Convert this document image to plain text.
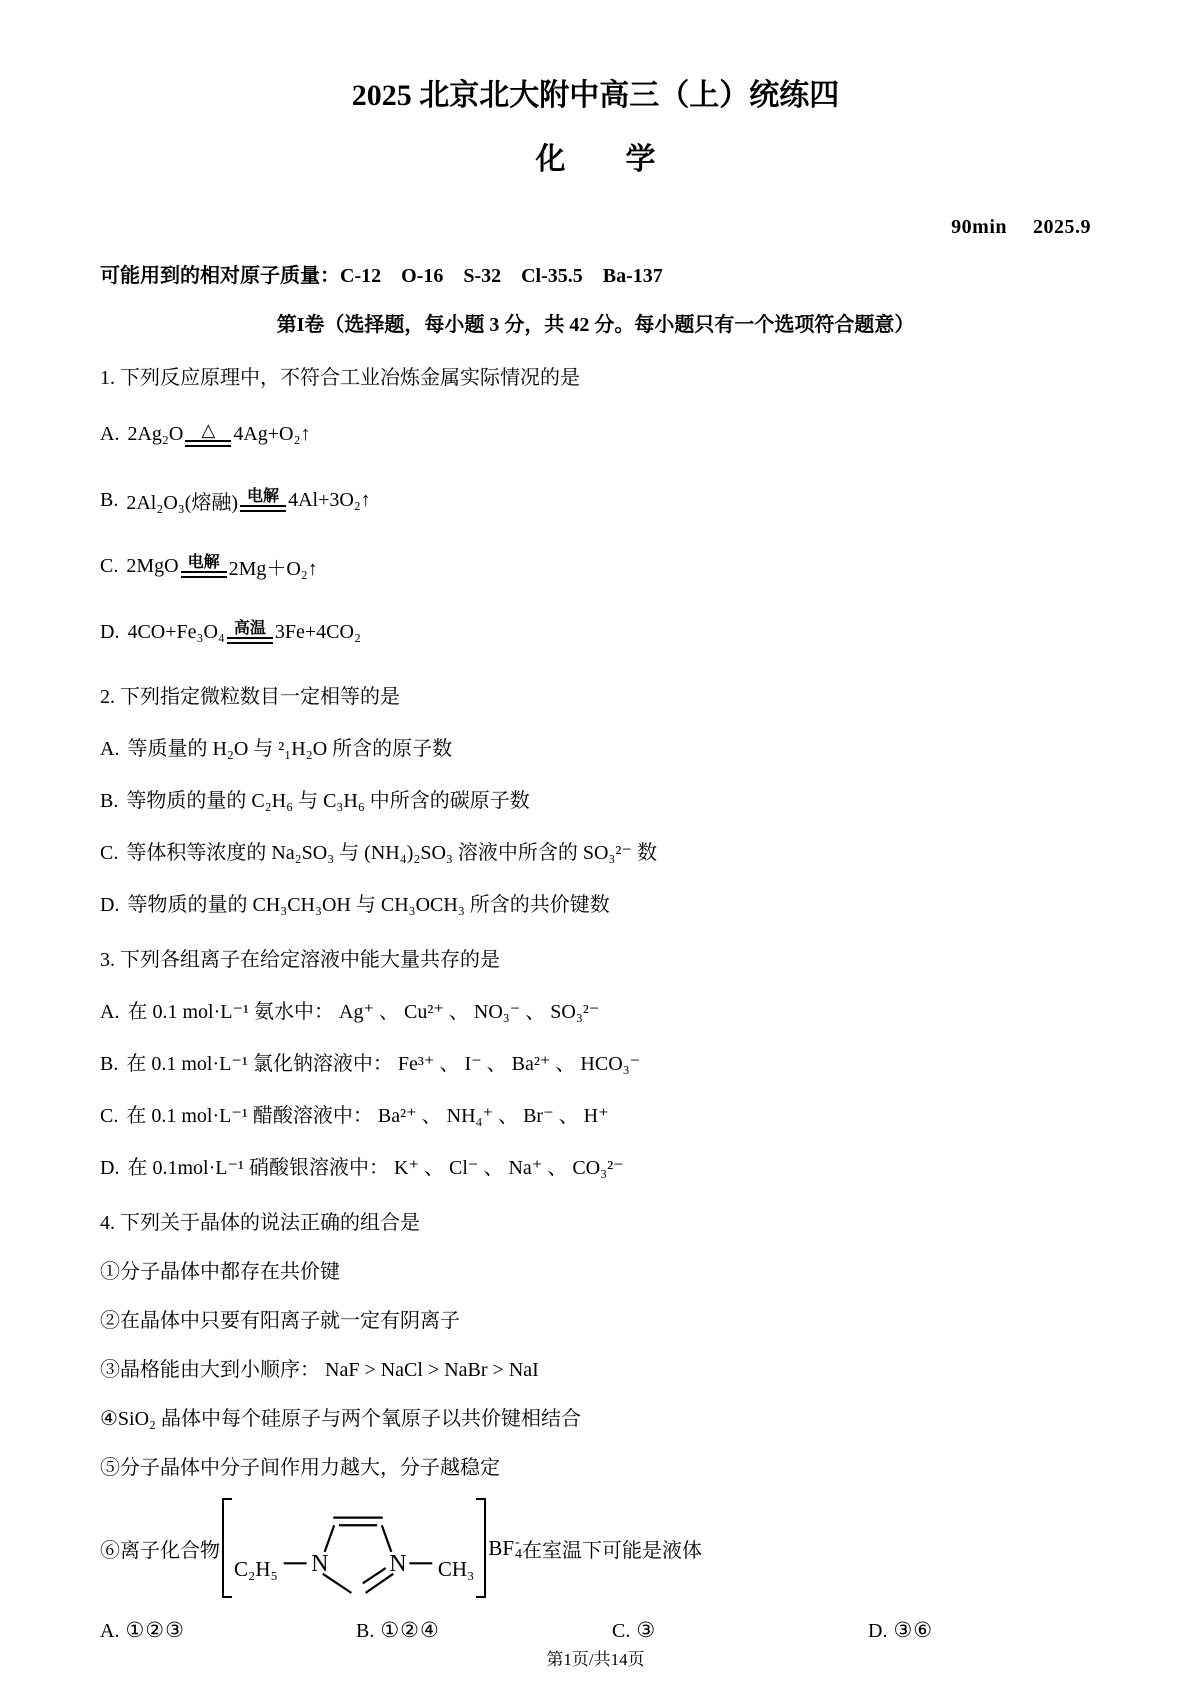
2025 北京北大附中高三（上）统练四
化　　学
90min　 2025.9
可能用到的相对原子质量：C-12　O-16　S-32　Cl-35.5　Ba-137
第I卷（选择题，每小题 3 分，共 42 分。每小题只有一个选项符合题意）
1. 下列反应原理中，不符合工业冶炼金属实际情况的是
A. 2Ag₂O △ 4Ag+O₂↑
B. 2Al₂O₃(熔融) 电解 4Al+3O₂↑
C. 2MgO 电解 2Mg＋O₂↑
D. 4CO+Fe₃O₄ 高温 3Fe+4CO₂
2. 下列指定微粒数目一定相等的是
A. 等质量的 H₂O 与 ²₁H₂O 所含的原子数
B. 等物质的量的 C₂H₆ 与 C₃H₆ 中所含的碳原子数
C. 等体积等浓度的 Na₂SO₃ 与 (NH₄)₂SO₃ 溶液中所含的 SO₃²⁻ 数
D. 等物质的量的 CH₃CH₃OH 与 CH₃OCH₃ 所含的共价键数
3. 下列各组离子在给定溶液中能大量共存的是
A. 在 0.1 mol·L⁻¹ 氨水中： Ag⁺ 、 Cu²⁺ 、 NO₃⁻ 、 SO₃²⁻
B. 在 0.1 mol·L⁻¹ 氯化钠溶液中： Fe³⁺ 、 I⁻ 、 Ba²⁺ 、 HCO₃⁻
C. 在 0.1 mol·L⁻¹ 醋酸溶液中： Ba²⁺ 、 NH₄⁺ 、 Br⁻ 、 H⁺
D. 在 0.1mol·L⁻¹ 硝酸银溶液中： K⁺ 、 Cl⁻ 、 Na⁺ 、 CO₃²⁻
4. 下列关于晶体的说法正确的组合是
①分子晶体中都存在共价键
②在晶体中只要有阳离子就一定有阴离子
③晶格能由大到小顺序： NaF > NaCl > NaBr > NaI
④SiO₂ 晶体中每个硅原子与两个氧原子以共价键相结合
⑤分子晶体中分子间作用力越大，分子越稳定
⑥离子化合物
C₂H₅ N N CH₃
BF -
4 在室温下可能是液体
A. ①②③	B. ①②④	C. ③	D. ③⑥
第1页/共14页
